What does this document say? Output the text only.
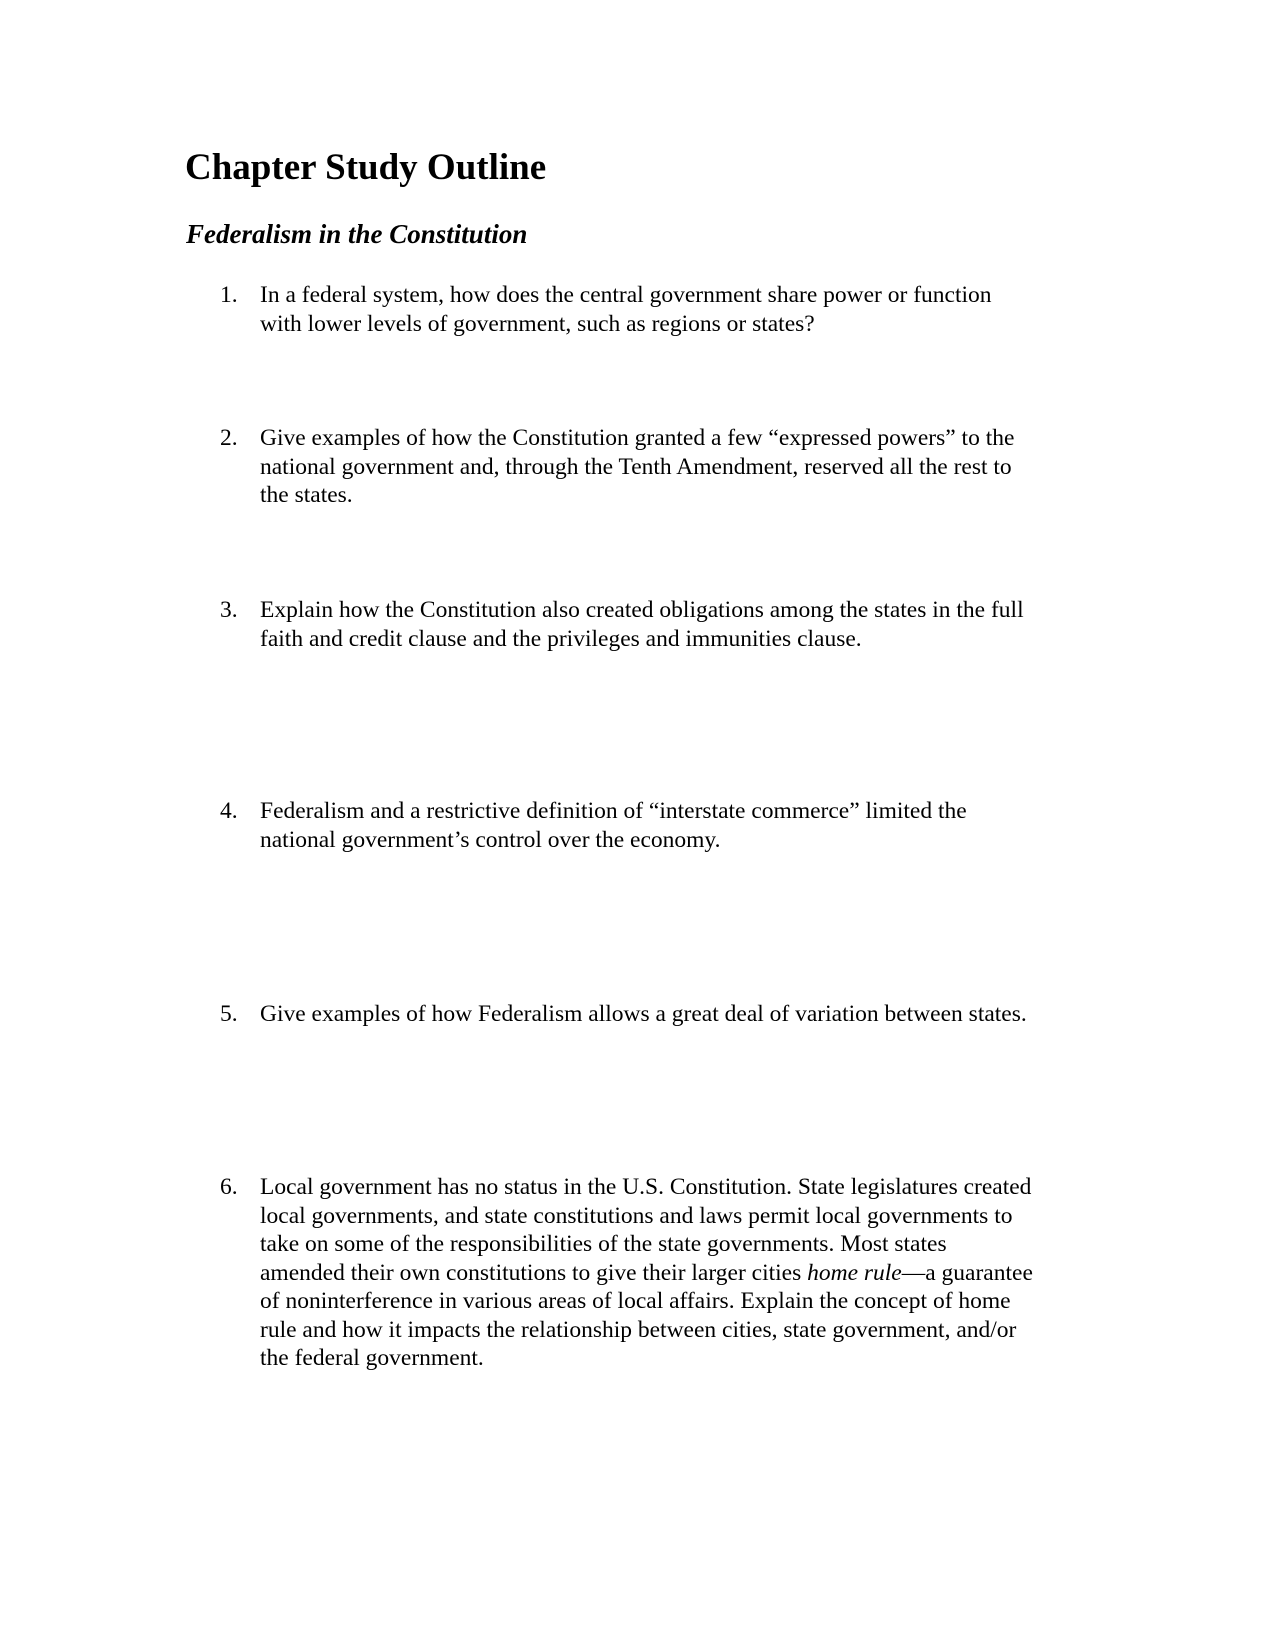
Chapter Study Outline
Federalism in the Constitution
1. In a federal system, how does the central government share power or function
with lower levels of government, such as regions or states?
2. Give examples of how the Constitution granted a few “expressed powers” to the
national government and, through the Tenth Amendment, reserved all the rest to
the states.
3. Explain how the Constitution also created obligations among the states in the full
faith and credit clause and the privileges and immunities clause.
4. Federalism and a restrictive definition of “interstate commerce” limited the
national government’s control over the economy.
5. Give examples of how Federalism allows a great deal of variation between states.
6. Local government has no status in the U.S. Constitution. State legislatures created
local governments, and state constitutions and laws permit local governments to
take on some of the responsibilities of the state governments. Most states
amended their own constitutions to give their larger cities home rule—a guarantee
of noninterference in various areas of local affairs. Explain the concept of home
rule and how it impacts the relationship between cities, state government, and/or
the federal government.
